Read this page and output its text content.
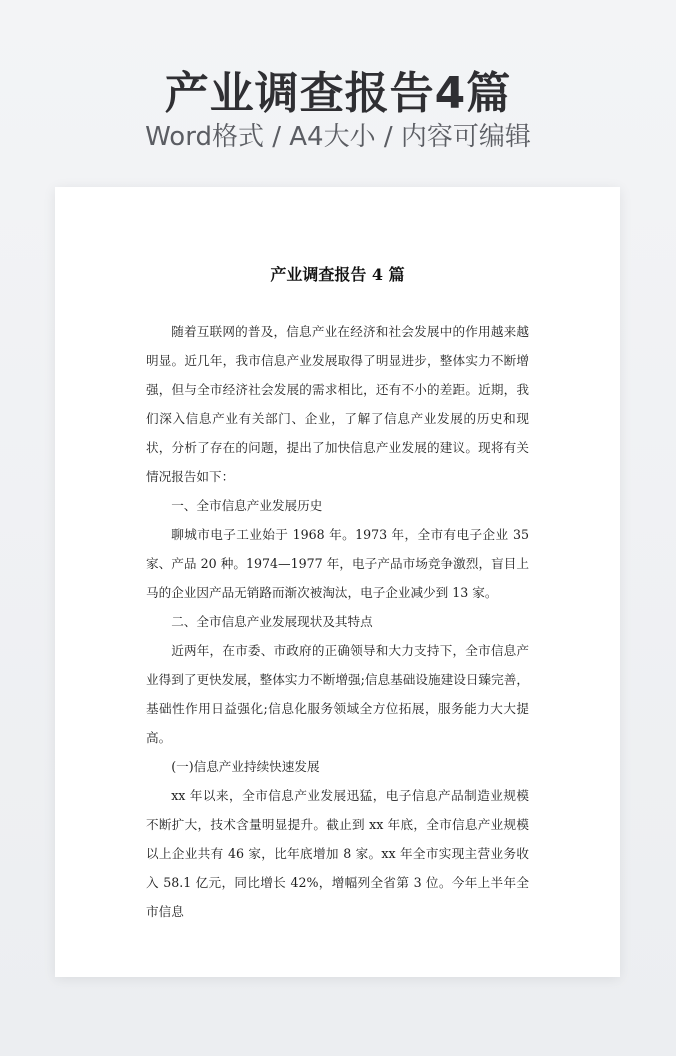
产业调查报告4篇
Word格式 / A4大小 / 内容可编辑
产业调查报告 4 篇

随着互联网的普及，信息产业在经济和社会发展中的作用越来越明显。近几年，我市信息产业发展取得了明显进步，整体实力不断增强，但与全市经济社会发展的需求相比，还有不小的差距。近期，我们深入信息产业有关部门、企业，了解了信息产业发展的历史和现状，分析了存在的问题，提出了加快信息产业发展的建议。现将有关情况报告如下：

一、全市信息产业发展历史

聊城市电子工业始于 1968 年。1973 年，全市有电子企业 35 家、产品 20 种。1974—1977 年，电子产品市场竞争激烈，盲目上马的企业因产品无销路而渐次被淘汰，电子企业减少到 13 家。

二、全市信息产业发展现状及其特点

近两年，在市委、市政府的正确领导和大力支持下，全市信息产业得到了更快发展，整体实力不断增强;信息基础设施建设日臻完善，基础性作用日益强化;信息化服务领域全方位拓展，服务能力大大提高。

(一)信息产业持续快速发展

xx 年以来，全市信息产业发展迅猛，电子信息产品制造业规模不断扩大，技术含量明显提升。截止到 xx 年底，全市信息产业规模以上企业共有 46 家，比年底增加 8 家。xx 年全市实现主营业务收入 58.1 亿元，同比增长 42%，增幅列全省第 3 位。今年上半年全市信息
